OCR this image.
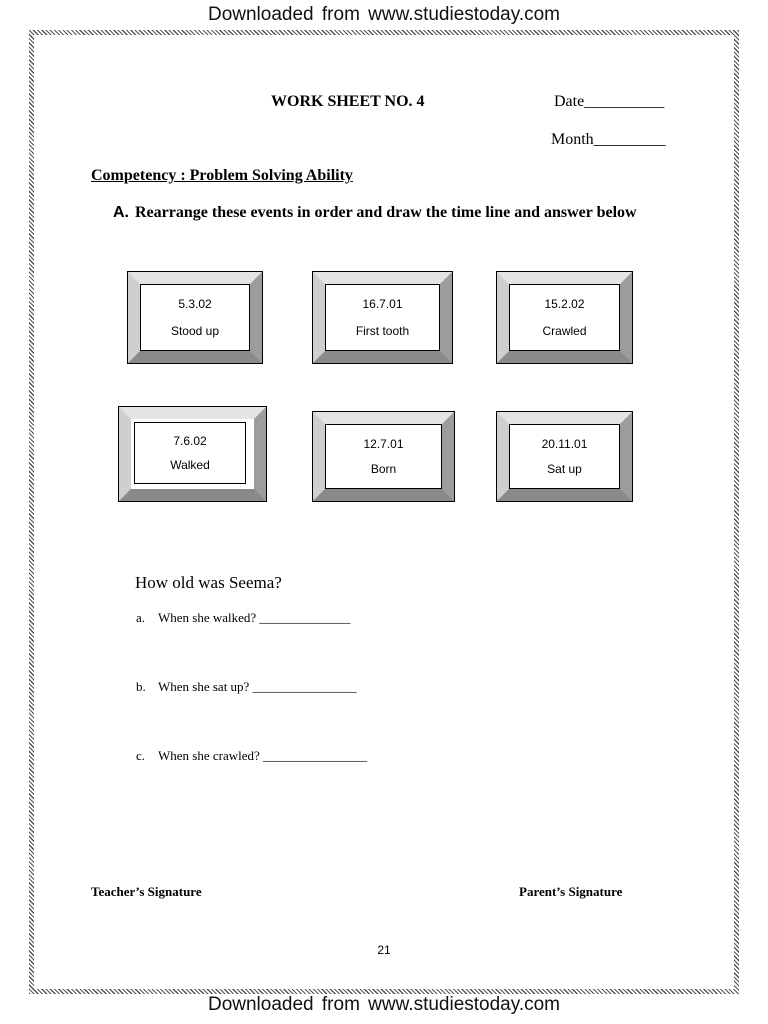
Downloaded from www.studiestoday.com
WORK SHEET NO. 4	Date__________
Month_________
Competency : Problem Solving Ability
A. Rearrange these events in order and draw the time line and answer below
5.3.02
Stood up
16.7.01
First tooth
15.2.02
Crawled
7.6.02
Walked
12.7.01
Born
20.11.01
Sat up
How old was Seema?
a. When she walked? ______________
b. When she sat up? ________________
c. When she crawled? ________________
Teacher’s Signature	Parent’s Signature
21
Downloaded from www.studiestoday.com
